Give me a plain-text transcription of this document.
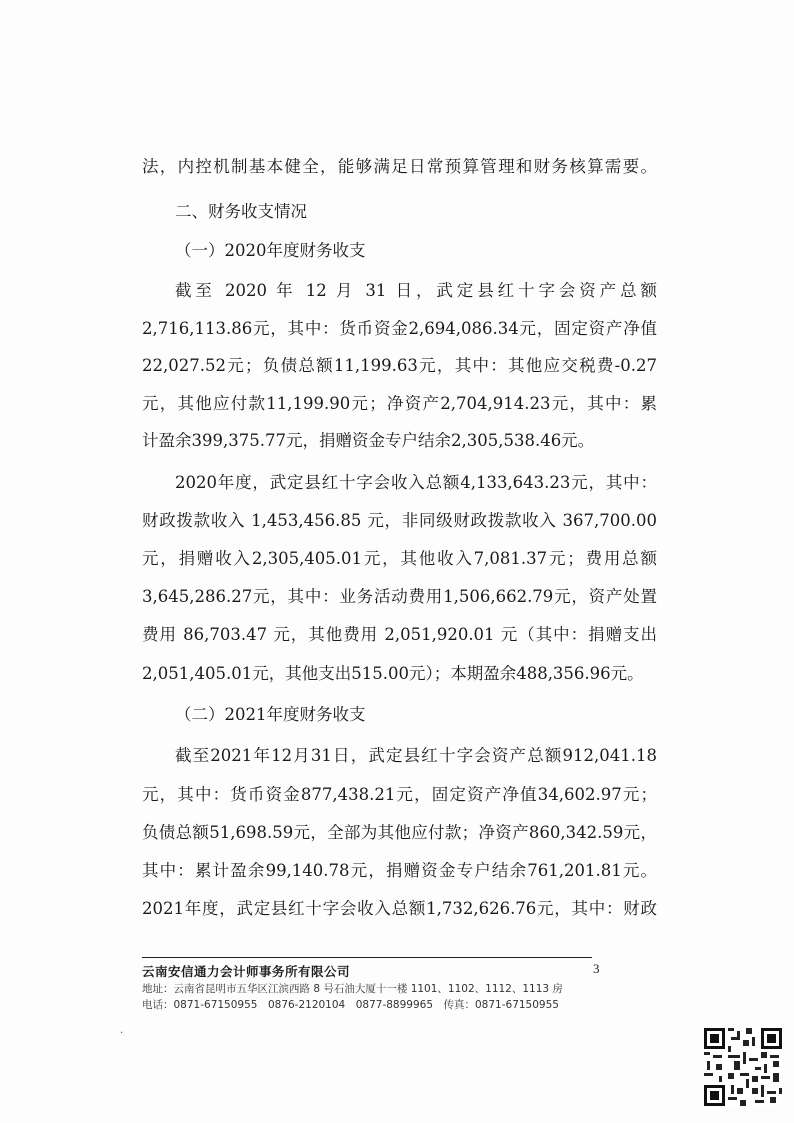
法，内控机制基本健全，能够满足日常预算管理和财务核算需要。
二、财务收支情况
（一）2020年度财务收支
截至 2020 年 12 月 31 日，武定县红十字会资产总额
2,716,113.86元，其中：货币资金2,694,086.34元，固定资产净值
22,027.52元；负债总额11,199.63元，其中：其他应交税费-0.27
元，其他应付款11,199.90元；净资产2,704,914.23元，其中：累
计盈余399,375.77元，捐赠资金专户结余2,305,538.46元。
2020年度，武定县红十字会收入总额4,133,643.23元，其中：
财政拨款收入 1,453,456.85 元，非同级财政拨款收入 367,700.00
元，捐赠收入2,305,405.01元，其他收入7,081.37元；费用总额
3,645,286.27元，其中：业务活动费用1,506,662.79元，资产处置
费用 86,703.47 元，其他费用 2,051,920.01 元（其中：捐赠支出
2,051,405.01元，其他支出515.00元）；本期盈余488,356.96元。
（二）2021年度财务收支
截至2021年12月31日，武定县红十字会资产总额912,041.18
元，其中：货币资金877,438.21元，固定资产净值34,602.97元；
负债总额51,698.59元，全部为其他应付款；净资产860,342.59元，
其中：累计盈余99,140.78元，捐赠资金专户结余761,201.81元。
2021年度，武定县红十字会收入总额1,732,626.76元，其中：财政
云南安信通力会计师事务所有限公司	3
地址：云南省昆明市五华区江滨西路 8 号石油大厦十一楼 1101、1102、1112、1113 房
电话：0871-67150955　0876-2120104　0877-8899965　传真：0871-67150955
·
